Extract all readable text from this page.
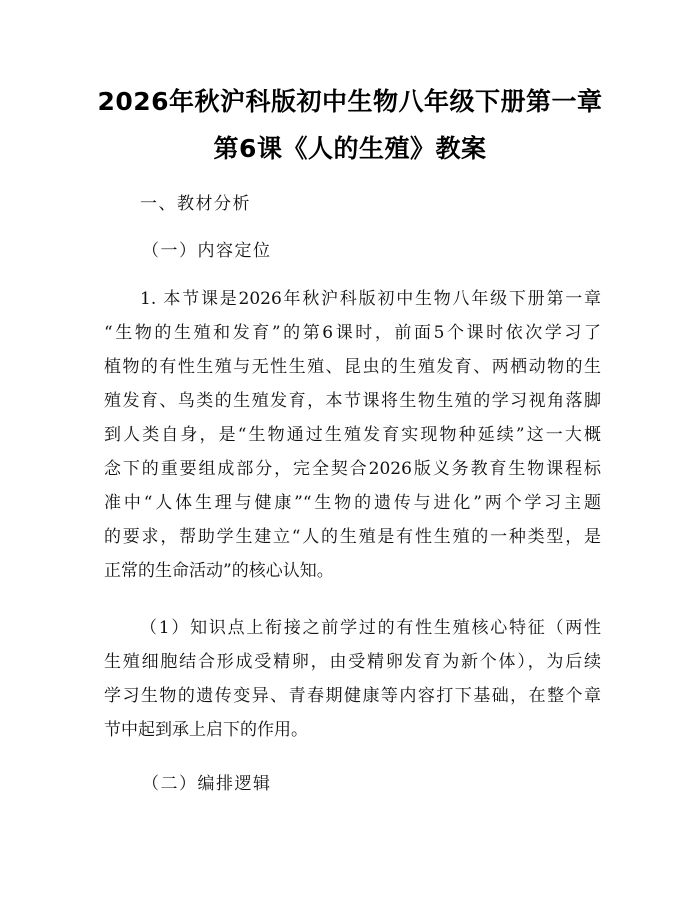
2026年秋沪科版初中生物八年级下册第一章
第6课《人的生殖》教案
一、教材分析
（一）内容定位
1. 本节课是2026年秋沪科版初中生物八年级下册第一章
“生物的生殖和发育”的第6课时，前面5个课时依次学习了
植物的有性生殖与无性生殖、昆虫的生殖发育、两栖动物的生
殖发育、鸟类的生殖发育，本节课将生物生殖的学习视角落脚
到人类自身，是“生物通过生殖发育实现物种延续”这一大概
念下的重要组成部分，完全契合2026版义务教育生物课程标
准中“人体生理与健康”“生物的遗传与进化”两个学习主题
的要求，帮助学生建立“人的生殖是有性生殖的一种类型，是
正常的生命活动”的核心认知。
（1）知识点上衔接之前学过的有性生殖核心特征（两性
生殖细胞结合形成受精卵，由受精卵发育为新个体），为后续
学习生物的遗传变异、青春期健康等内容打下基础，在整个章
节中起到承上启下的作用。
（二）编排逻辑
